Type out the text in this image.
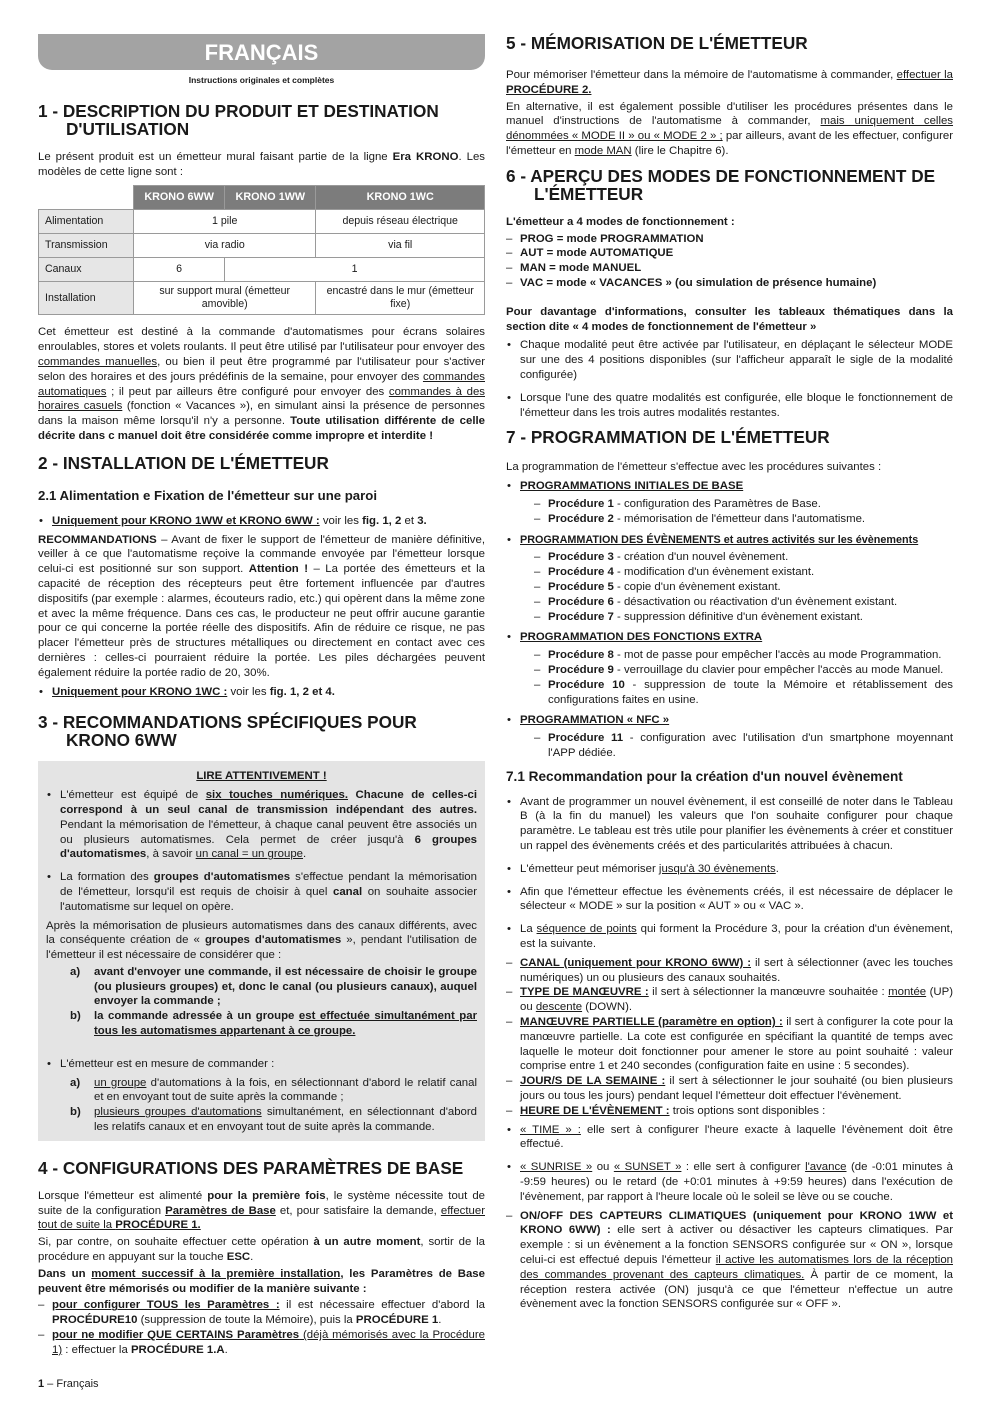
FRANÇAIS
Instructions originales et complètes
1 - DESCRIPTION DU PRODUIT ET DESTINATION D'UTILISATION

Le présent produit est un émetteur mural faisant partie de la ligne Era KRONO. Les modèles de cette ligne sont :

	KRONO 6WW	KRONO 1WW	KRONO 1WC
Alimentation	1 pile		depuis réseau électrique
Transmission	via radio		via fil
Canaux	6	1	
Installation	sur support mural (émetteur amovible)		encastré dans le mur (émetteur fixe)

Cet émetteur est destiné à la commande d'automatismes pour écrans solaires enroulables, stores et volets roulants. Il peut être utilisé par l'utilisateur pour envoyer des commandes manuelles, ou bien il peut être programmé par l'utilisateur pour s'activer selon des horaires et des jours prédéfinis de la semaine, pour envoyer des commandes automatiques ; il peut par ailleurs être configuré pour envoyer des commandes à des horaires casuels (fonction « Vacances »), en simulant ainsi la présence de personnes dans la maison même lorsqu'il n'y a personne. Toute utilisation différente de celle décrite dans c manuel doit être considérée comme impropre et interdite !

2 - INSTALLATION DE L'ÉMETTEUR
2.1 Alimentation e Fixation de l'émetteur sur une paroi
• Uniquement pour KRONO 1WW et KRONO 6WW : voir les fig. 1, 2 et 3.

RECOMMANDATIONS – Avant de fixer le support de l'émetteur de manière définitive, veiller à ce que l'automatisme reçoive la commande envoyée par l'émetteur lorsque celui-ci est positionné sur son support. Attention ! – La portée des émetteurs et la capacité de réception des récepteurs peut être fortement influencée par d'autres dispositifs (par exemple : alarmes, écouteurs radio, etc.) qui opèrent dans la même zone et avec la même fréquence. Dans ces cas, le producteur ne peut offrir aucune garantie pour ce qui concerne la portée réelle des dispositifs. Afin de réduire ce risque, ne pas placer l'émetteur près de structures métalliques ou directement en contact avec ces dernières : celles-ci pourraient réduire la portée. Les piles déchargées peuvent également réduire la portée radio de 20, 30%.

• Uniquement pour KRONO 1WC : voir les fig. 1, 2 et 4.
3 - RECOMMANDATIONS SPÉCIFIQUES POUR KRONO 6WW
LIRE ATTENTIVEMENT !
• L'émetteur est équipé de six touches numériques. Chacune de celles-ci correspond à un seul canal de transmission indépendant des autres. Pendant la mémorisation de l'émetteur, à chaque canal peuvent être associés un ou plusieurs automatismes. Cela permet de créer jusqu'à 6 groupes d'automatismes, à savoir un canal = un groupe.
• La formation des groupes d'automatismes s'effectue pendant la mémorisation de l'émetteur, lorsqu'il est requis de choisir à quel canal on souhaite associer l'automatisme sur lequel on opère.

Après la mémorisation de plusieurs automatismes dans des canaux différents, avec la conséquente création de « groupes d'automatismes », pendant l'utilisation de l'émetteur il est nécessaire de considérer que :

a) avant d'envoyer une commande, il est nécessaire de choisir le groupe (ou plusieurs groupes) et, donc le canal (ou plusieurs canaux), auquel envoyer la commande ;
b) la commande adressée à un groupe est effectuée simultanément par tous les automatismes appartenant à ce groupe.
• L'émetteur est en mesure de commander :
a) un groupe d'automations à la fois, en sélectionnant d'abord le relatif canal et en envoyant tout de suite après la commande ;
b) plusieurs groupes d'automations simultanément, en sélectionnant d'abord les relatifs canaux et en envoyant tout de suite après la commande.
4 - CONFIGURATIONS DES PARAMÈTRES DE BASE

Lorsque l'émetteur est alimenté pour la première fois, le système nécessite tout de suite de la configuration Paramètres de Base et, pour satisfaire la demande, effectuer tout de suite la PROCÉDURE 1.

Si, par contre, on souhaite effectuer cette opération à un autre moment, sortir de la procédure en appuyant sur la touche ESC.

Dans un moment successif à la première installation, les Paramètres de Base peuvent être mémorisés ou modifier de la manière suivante :

– pour configurer TOUS les Paramètres : il est nécessaire effectuer d'abord la PROCÉDURE10 (suppression de toute la Mémoire), puis la PROCÉDURE 1.
– pour ne modifier QUE CERTAINS Paramètres (déjà mémorisés avec la Procédure 1) : effectuer la PROCÉDURE 1.A.
5 - MÉMORISATION DE L'ÉMETTEUR

Pour mémoriser l'émetteur dans la mémoire de l'automatisme à commander, effectuer la PROCÉDURE 2.

En alternative, il est également possible d'utiliser les procédures présentes dans le manuel d'instructions de l'automatisme à commander, mais uniquement celles dénommées « MODE II » ou « MODE 2 » ; par ailleurs, avant de les effectuer, configurer l'émetteur en mode MAN (lire le Chapitre 6).

6 - APERÇU DES MODES DE FONCTIONNEMENT DE L'ÉMETTEUR

L'émetteur a 4 modes de fonctionnement :

– PROG = mode PROGRAMMATION
– AUT = mode AUTOMATIQUE
– MAN = mode MANUEL
– VAC = mode « VACANCES » (ou simulation de présence humaine)

Pour davantage d'informations, consulter les tableaux thématiques dans la section dite « 4 modes de fonctionnement de l'émetteur »

• Chaque modalité peut être activée par l'utilisateur, en déplaçant le sélecteur MODE sur une des 4 positions disponibles (sur l'afficheur apparaît le sigle de la modalité configurée)
• Lorsque l'une des quatre modalités est configurée, elle bloque le fonctionnement de l'émetteur dans les trois autres modalités restantes.
7 - PROGRAMMATION DE L'ÉMETTEUR

La programmation de l'émetteur s'effectue avec les procédures suivantes :

• PROGRAMMATIONS INITIALES DE BASE
– Procédure 1 - configuration des Paramètres de Base.
– Procédure 2 - mémorisation de l'émetteur dans l'automatisme.
• PROGRAMMATION DES ÉVÈNEMENTS et autres activités sur les évènements
– Procédure 3 - création d'un nouvel évènement.
– Procédure 4 - modification d'un évènement existant.
– Procédure 5 - copie d'un évènement existant.
– Procédure 6 - désactivation ou réactivation d'un évènement existant.
– Procédure 7 - suppression définitive d'un évènement existant.
• PROGRAMMATION DES FONCTIONS EXTRA
– Procédure 8 - mot de passe pour empêcher l'accès au mode Programmation.
– Procédure 9 - verrouillage du clavier pour empêcher l'accès au mode Manuel.
– Procédure 10 - suppression de toute la Mémoire et rétablissement des configurations faites en usine.
• PROGRAMMATION « NFC »
– Procédure 11 - configuration avec l'utilisation d'un smartphone moyennant l'APP dédiée.
7.1 Recommandation pour la création d'un nouvel évènement
• Avant de programmer un nouvel évènement, il est conseillé de noter dans le Tableau B (à la fin du manuel) les valeurs que l'on souhaite configurer pour chaque paramètre. Le tableau est très utile pour planifier les évènements à créer et constituer un rappel des évènements créés et des particularités attribuées à chacun.
• L'émetteur peut mémoriser jusqu'à 30 évènements.
• Afin que l'émetteur effectue les évènements créés, il est nécessaire de déplacer le sélecteur « MODE » sur la position « AUT » ou « VAC ».
• La séquence de points qui forment la Procédure 3, pour la création d'un évènement, est la suivante.
– CANAL (uniquement pour KRONO 6WW) : il sert à sélectionner (avec les touches numériques) un ou plusieurs des canaux souhaités.
– TYPE DE MANŒUVRE : il sert à sélectionner la manœuvre souhaitée : montée (UP) ou descente (DOWN).
– MANŒUVRE PARTIELLE (paramètre en option) : il sert à configurer la cote pour la manœuvre partielle. La cote est configurée en spécifiant la quantité de temps avec laquelle le moteur doit fonctionner pour amener le store au point souhaité : valeur comprise entre 1 et 240 secondes (configuration faite en usine : 5 secondes).
– JOUR/S DE LA SEMAINE : il sert à sélectionner le jour souhaité (ou bien plusieurs jours ou tous les jours) pendant lequel l'émetteur doit effectuer l'évènement.
– HEURE DE L'ÉVÈNEMENT : trois options sont disponibles :
• « TIME » : elle sert à configurer l'heure exacte à laquelle l'évènement doit être effectué.
• « SUNRISE » ou « SUNSET » : elle sert à configurer l'avance (de -0:01 minutes à -9:59 heures) ou le retard (de +0:01 minutes à +9:59 heures) dans l'exécution de l'évènement, par rapport à l'heure locale où le soleil se lève ou se couche.
– ON/OFF DES CAPTEURS CLIMATIQUES (uniquement pour KRONO 1WW et KRONO 6WW) : elle sert à activer ou désactiver les capteurs climatiques. Par exemple : si un évènement a la fonction SENSORS configurée sur « ON », lorsque celui-ci est effectué depuis l'émetteur il active les automatismes lors de la réception des commandes provenant des capteurs climatiques. À partir de ce moment, la réception restera activée (ON) jusqu'à ce que l'émetteur n'effectue un autre évènement avec la fonction SENSORS configurée sur « OFF ».
1 – Français
